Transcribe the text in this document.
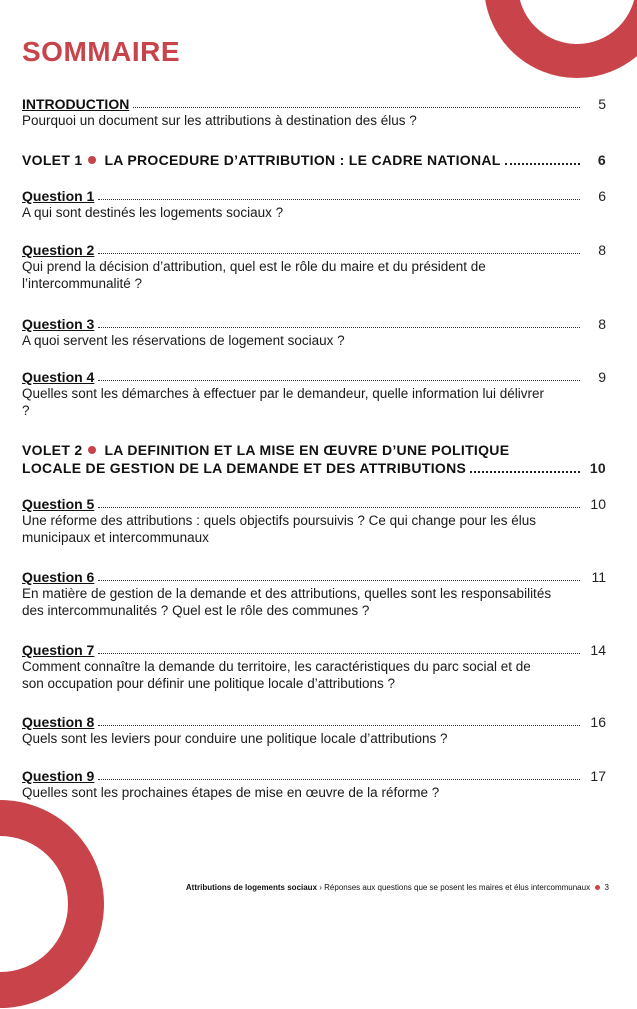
SOMMAIRE
INTRODUCTION	5
Pourquoi un document sur les attributions à destination des élus ?
VOLET 1 LA PROCEDURE D’ATTRIBUTION : LE CADRE NATIONAL	6
Question 1	6
A qui sont destinés les logements sociaux ?
Question 2	8
Qui prend la décision d’attribution, quel est le rôle du maire et du président de l’intercommunalité ?
Question 3	8
A quoi servent les réservations de logement sociaux ?
Question 4	9
Quelles sont les démarches à effectuer par le demandeur, quelle information lui délivrer ?
VOLET 2 LA DEFINITION ET LA MISE EN ŒUVRE D’UNE POLITIQUE
LOCALE DE GESTION DE LA DEMANDE ET DES ATTRIBUTIONS	10
Question 5	10
Une réforme des attributions : quels objectifs poursuivis ? Ce qui change pour les élus municipaux et intercommunaux
Question 6	11
En matière de gestion de la demande et des attributions, quelles sont les responsabilités des intercommunalités ? Quel est le rôle des communes ?
Question 7	14
Comment connaître la demande du territoire, les caractéristiques du parc social et de son occupation pour définir une politique locale d’attributions ?
Question 8	16
Quels sont les leviers pour conduire une politique locale d’attributions ?
Question 9	17
Quelles sont les prochaines étapes de mise en œuvre de la réforme ?
Attributions de logements sociaux › Réponses aux questions que se posent les maires et élus intercommunaux 3
